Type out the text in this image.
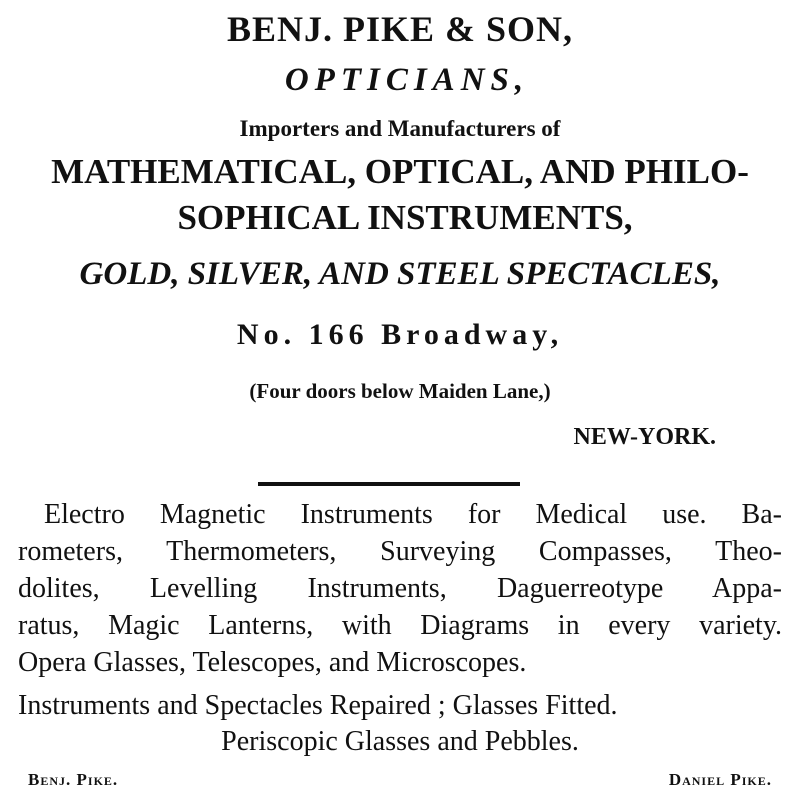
BENJ. PIKE & SON,
OPTICIANS,
Importers and Manufacturers of
MATHEMATICAL, OPTICAL, AND PHILO-
SOPHICAL INSTRUMENTS,
GOLD, SILVER, AND STEEL SPECTACLES,
No. 166 Broadway,
(Four doors below Maiden Lane,)
NEW-YORK.
Electro Magnetic Instruments for Medical use. Ba-
rometers, Thermometers, Surveying Compasses, Theo-
dolites, Levelling Instruments, Daguerreotype Appa-
ratus, Magic Lanterns, with Diagrams in every variety.
Opera Glasses, Telescopes, and Microscopes.
Instruments and Spectacles Repaired ; Glasses Fitted.
Periscopic Glasses and Pebbles.
Benj. Pike.	Daniel Pike.
